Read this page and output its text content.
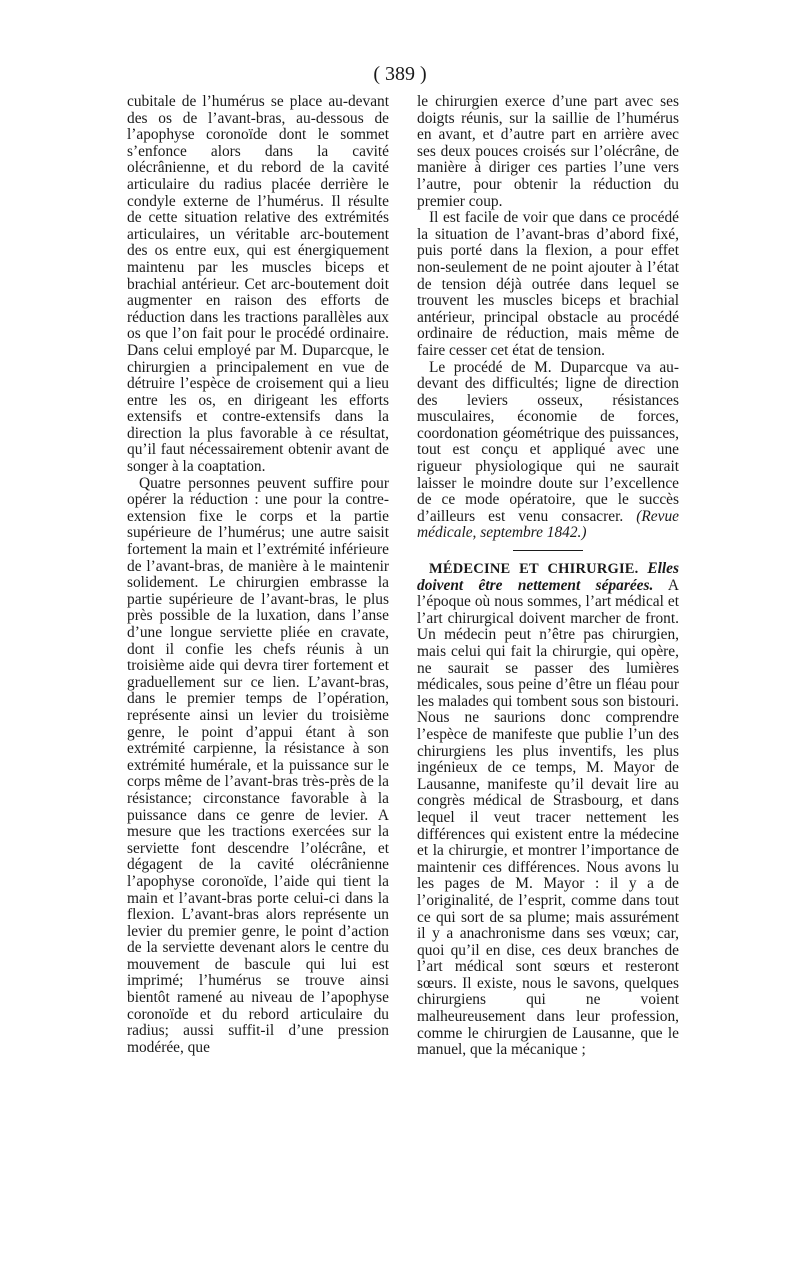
( 389 )

cubitale de l’humérus se place au-devant des os de l’avant-bras, au-dessous de l’apophyse coronoïde dont le sommet s’enfonce alors dans la cavité olécrânienne, et du rebord de la cavité articulaire du radius placée derrière le condyle externe de l’humérus. Il résulte de cette situation relative des extrémités articulaires, un véritable arc-boutement des os entre eux, qui est énergiquement maintenu par les muscles biceps et brachial antérieur. Cet arc-boutement doit augmenter en raison des efforts de réduction dans les tractions parallèles aux os que l’on fait pour le procédé ordinaire. Dans celui employé par M. Duparcque, le chirurgien a principalement en vue de détruire l’espèce de croisement qui a lieu entre les os, en dirigeant les efforts extensifs et contre-extensifs dans la direction la plus favorable à ce résultat, qu’il faut nécessairement obtenir avant de songer à la coaptation.

Quatre personnes peuvent suffire pour opérer la réduction : une pour la contre-extension fixe le corps et la partie supérieure de l’humérus; une autre saisit fortement la main et l’extrémité inférieure de l’avant-bras, de manière à le maintenir solidement. Le chirurgien embrasse la partie supérieure de l’avant-bras, le plus près possible de la luxation, dans l’anse d’une longue serviette pliée en cravate, dont il confie les chefs réunis à un troisième aide qui devra tirer fortement et graduellement sur ce lien. L’avant-bras, dans le premier temps de l’opération, représente ainsi un levier du troisième genre, le point d’appui étant à son extrémité carpienne, la résistance à son extrémité humérale, et la puissance sur le corps même de l’avant-bras très-près de la résistance; circonstance favorable à la puissance dans ce genre de levier. A mesure que les tractions exercées sur la serviette font descendre l’olécrâne, et dégagent de la cavité olécrânienne l’apophyse coronoïde, l’aide qui tient la main et l’avant-bras porte celui-ci dans la flexion. L’avant-bras alors représente un levier du premier genre, le point d’action de la serviette devenant alors le centre du mouvement de bascule qui lui est imprimé; l’humérus se trouve ainsi bientôt ramené au niveau de l’apophyse coronoïde et du rebord articulaire du radius; aussi suffit-il d’une pression modérée, que

le chirurgien exerce d’une part avec ses doigts réunis, sur la saillie de l’humérus en avant, et d’autre part en arrière avec ses deux pouces croisés sur l’olécrâne, de manière à diriger ces parties l’une vers l’autre, pour obtenir la réduction du premier coup.

Il est facile de voir que dans ce procédé la situation de l’avant-bras d’abord fixé, puis porté dans la flexion, a pour effet non-seulement de ne point ajouter à l’état de tension déjà outrée dans lequel se trouvent les muscles biceps et brachial antérieur, principal obstacle au procédé ordinaire de réduction, mais même de faire cesser cet état de tension.

Le procédé de M. Duparcque va au-devant des difficultés; ligne de direction des leviers osseux, résistances musculaires, économie de forces, coordonation géométrique des puissances, tout est conçu et appliqué avec une rigueur physiologique qui ne saurait laisser le moindre doute sur l’excellence de ce mode opératoire, que le succès d’ailleurs est venu consacrer. (Revue médicale, septembre 1842.)

MÉDECINE ET CHIRURGIE. Elles doivent être nettement séparées. A l’époque où nous sommes, l’art médical et l’art chirurgical doivent marcher de front. Un médecin peut n’être pas chirurgien, mais celui qui fait la chirurgie, qui opère, ne saurait se passer des lumières médicales, sous peine d’être un fléau pour les malades qui tombent sous son bistouri. Nous ne saurions donc comprendre l’espèce de manifeste que publie l’un des chirurgiens les plus inventifs, les plus ingénieux de ce temps, M. Mayor de Lausanne, manifeste qu’il devait lire au congrès médical de Strasbourg, et dans lequel il veut tracer nettement les différences qui existent entre la médecine et la chirurgie, et montrer l’importance de maintenir ces différences. Nous avons lu les pages de M. Mayor : il y a de l’originalité, de l’esprit, comme dans tout ce qui sort de sa plume; mais assurément il y a anachronisme dans ses vœux; car, quoi qu’il en dise, ces deux branches de l’art médical sont sœurs et resteront sœurs. Il existe, nous le savons, quelques chirurgiens qui ne voient malheureusement dans leur profession, comme le chirurgien de Lausanne, que le manuel, que la mécanique ;
